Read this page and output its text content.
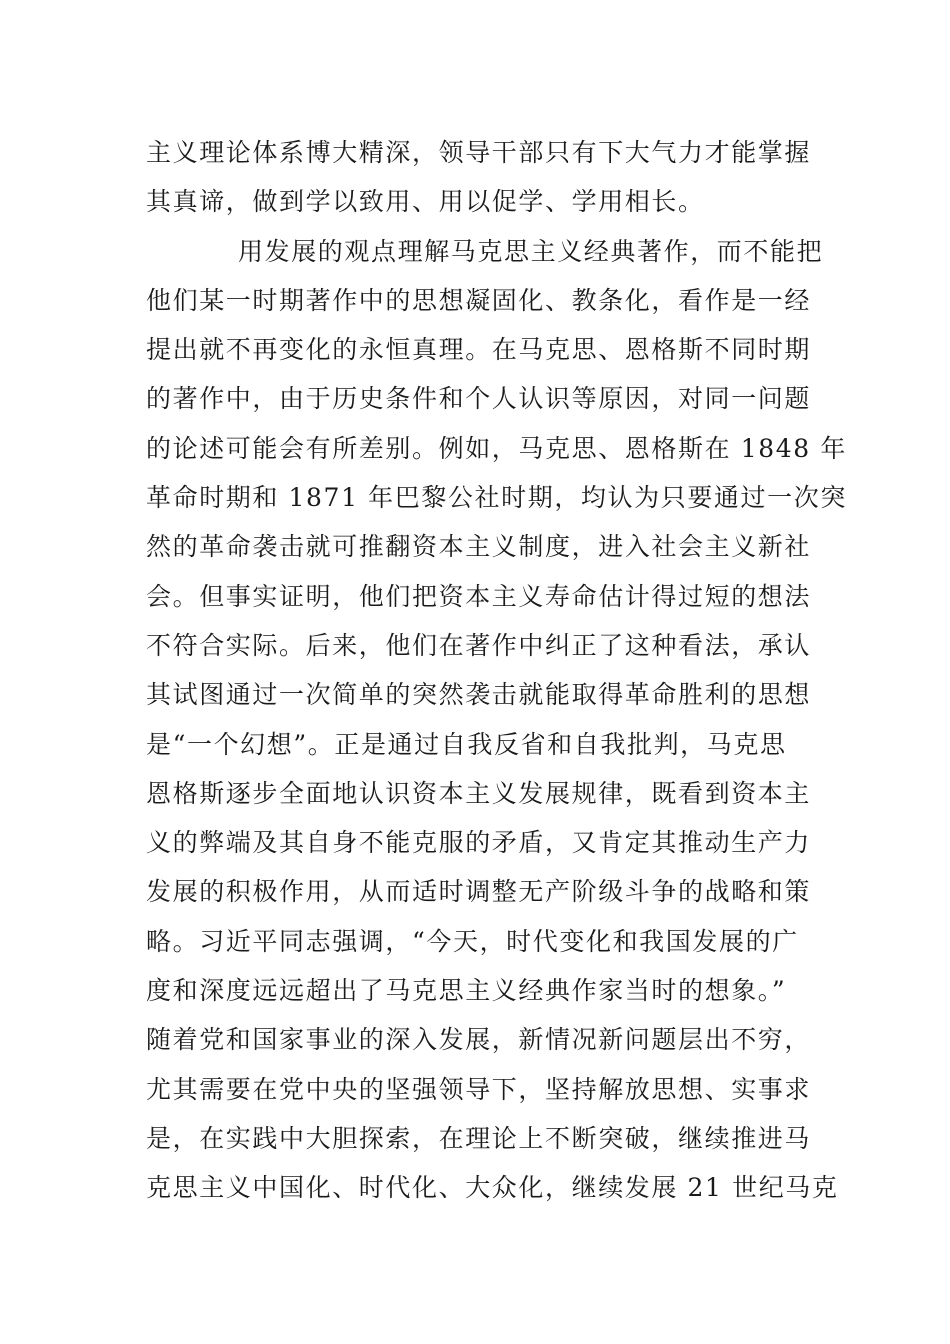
主义理论体系博大精深，领导干部只有下大气力才能掌握
其真谛，做到学以致用、用以促学、学用相长。
用发展的观点理解马克思主义经典著作，而不能把
他们某一时期著作中的思想凝固化、教条化，看作是一经
提出就不再变化的永恒真理。在马克思、恩格斯不同时期
的著作中，由于历史条件和个人认识等原因，对同一问题
的论述可能会有所差别。例如，马克思、恩格斯在 1848 年
革命时期和 1871 年巴黎公社时期，均认为只要通过一次突
然的革命袭击就可推翻资本主义制度，进入社会主义新社
会。但事实证明，他们把资本主义寿命估计得过短的想法
不符合实际。后来，他们在著作中纠正了这种看法，承认
其试图通过一次简单的突然袭击就能取得革命胜利的思想
是“一个幻想”。正是通过自我反省和自我批判，马克思
恩格斯逐步全面地认识资本主义发展规律，既看到资本主
义的弊端及其自身不能克服的矛盾，又肯定其推动生产力
发展的积极作用，从而适时调整无产阶级斗争的战略和策
略。习近平同志强调，“今天，时代变化和我国发展的广
度和深度远远超出了马克思主义经典作家当时的想象。”
随着党和国家事业的深入发展，新情况新问题层出不穷，
尤其需要在党中央的坚强领导下，坚持解放思想、实事求
是，在实践中大胆探索，在理论上不断突破，继续推进马
克思主义中国化、时代化、大众化，继续发展 21 世纪马克
